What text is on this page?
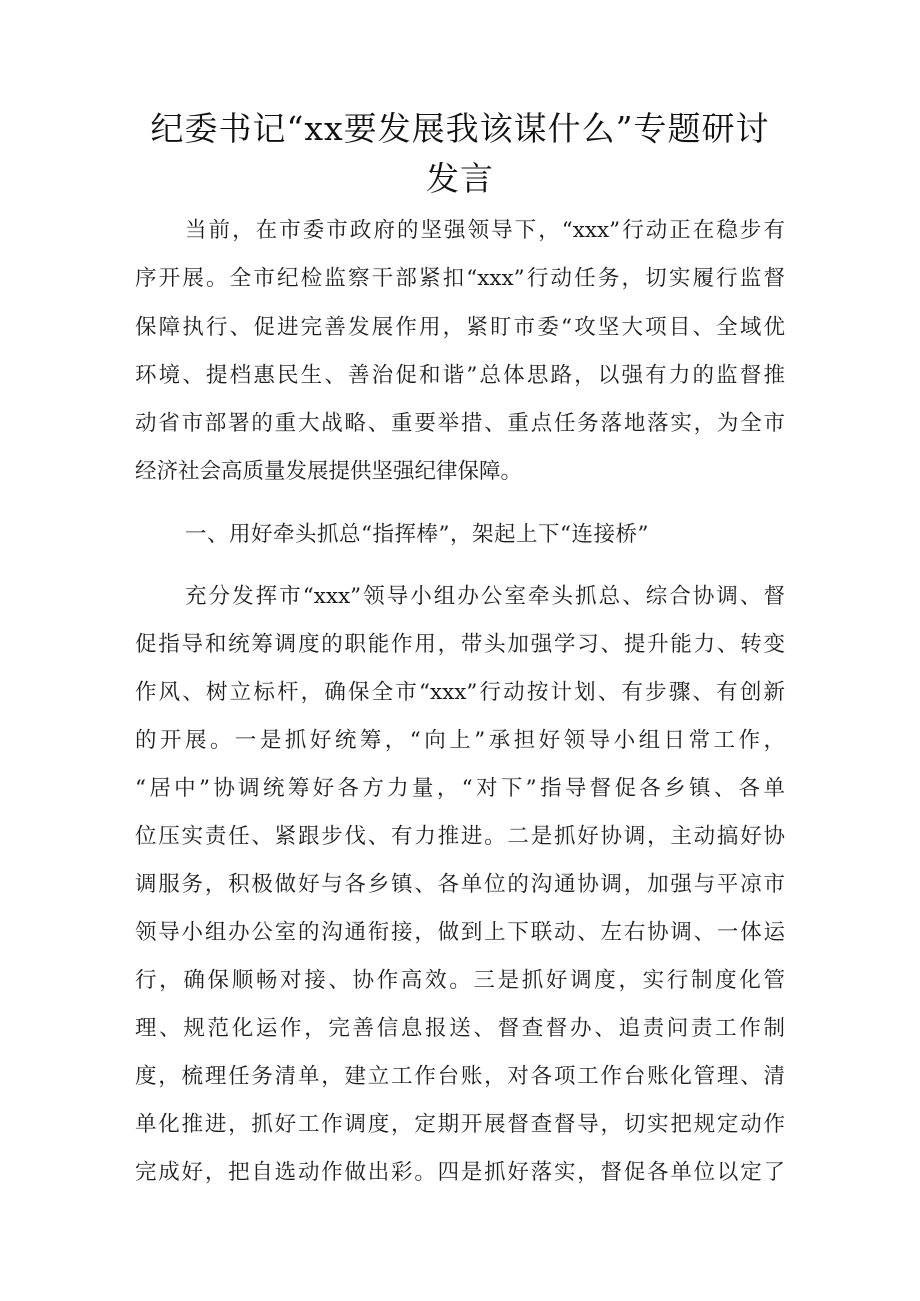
纪委书记“xx要发展我该谋什么”专题研讨
发言
当前，在市委市政府的坚强领导下，“xxx”行动正在稳步有
序开展。全市纪检监察干部紧扣“xxx”行动任务，切实履行监督
保障执行、促进完善发展作用，紧盯市委“攻坚大项目、全域优
环境、提档惠民生、善治促和谐”总体思路，以强有力的监督推
动省市部署的重大战略、重要举措、重点任务落地落实，为全市
经济社会高质量发展提供坚强纪律保障。
一、用好牵头抓总“指挥棒”，架起上下“连接桥”
充分发挥市“xxx”领导小组办公室牵头抓总、综合协调、督
促指导和统筹调度的职能作用，带头加强学习、提升能力、转变
作风、树立标杆，确保全市“xxx”行动按计划、有步骤、有创新
的开展。一是抓好统筹，“向上”承担好领导小组日常工作，
“居中”协调统筹好各方力量，“对下”指导督促各乡镇、各单
位压实责任、紧跟步伐、有力推进。二是抓好协调，主动搞好协
调服务，积极做好与各乡镇、各单位的沟通协调，加强与平凉市
领导小组办公室的沟通衔接，做到上下联动、左右协调、一体运
行，确保顺畅对接、协作高效。三是抓好调度，实行制度化管
理、规范化运作，完善信息报送、督查督办、追责问责工作制
度，梳理任务清单，建立工作台账，对各项工作台账化管理、清
单化推进，抓好工作调度，定期开展督查督导，切实把规定动作
完成好，把自选动作做出彩。四是抓好落实，督促各单位以定了
